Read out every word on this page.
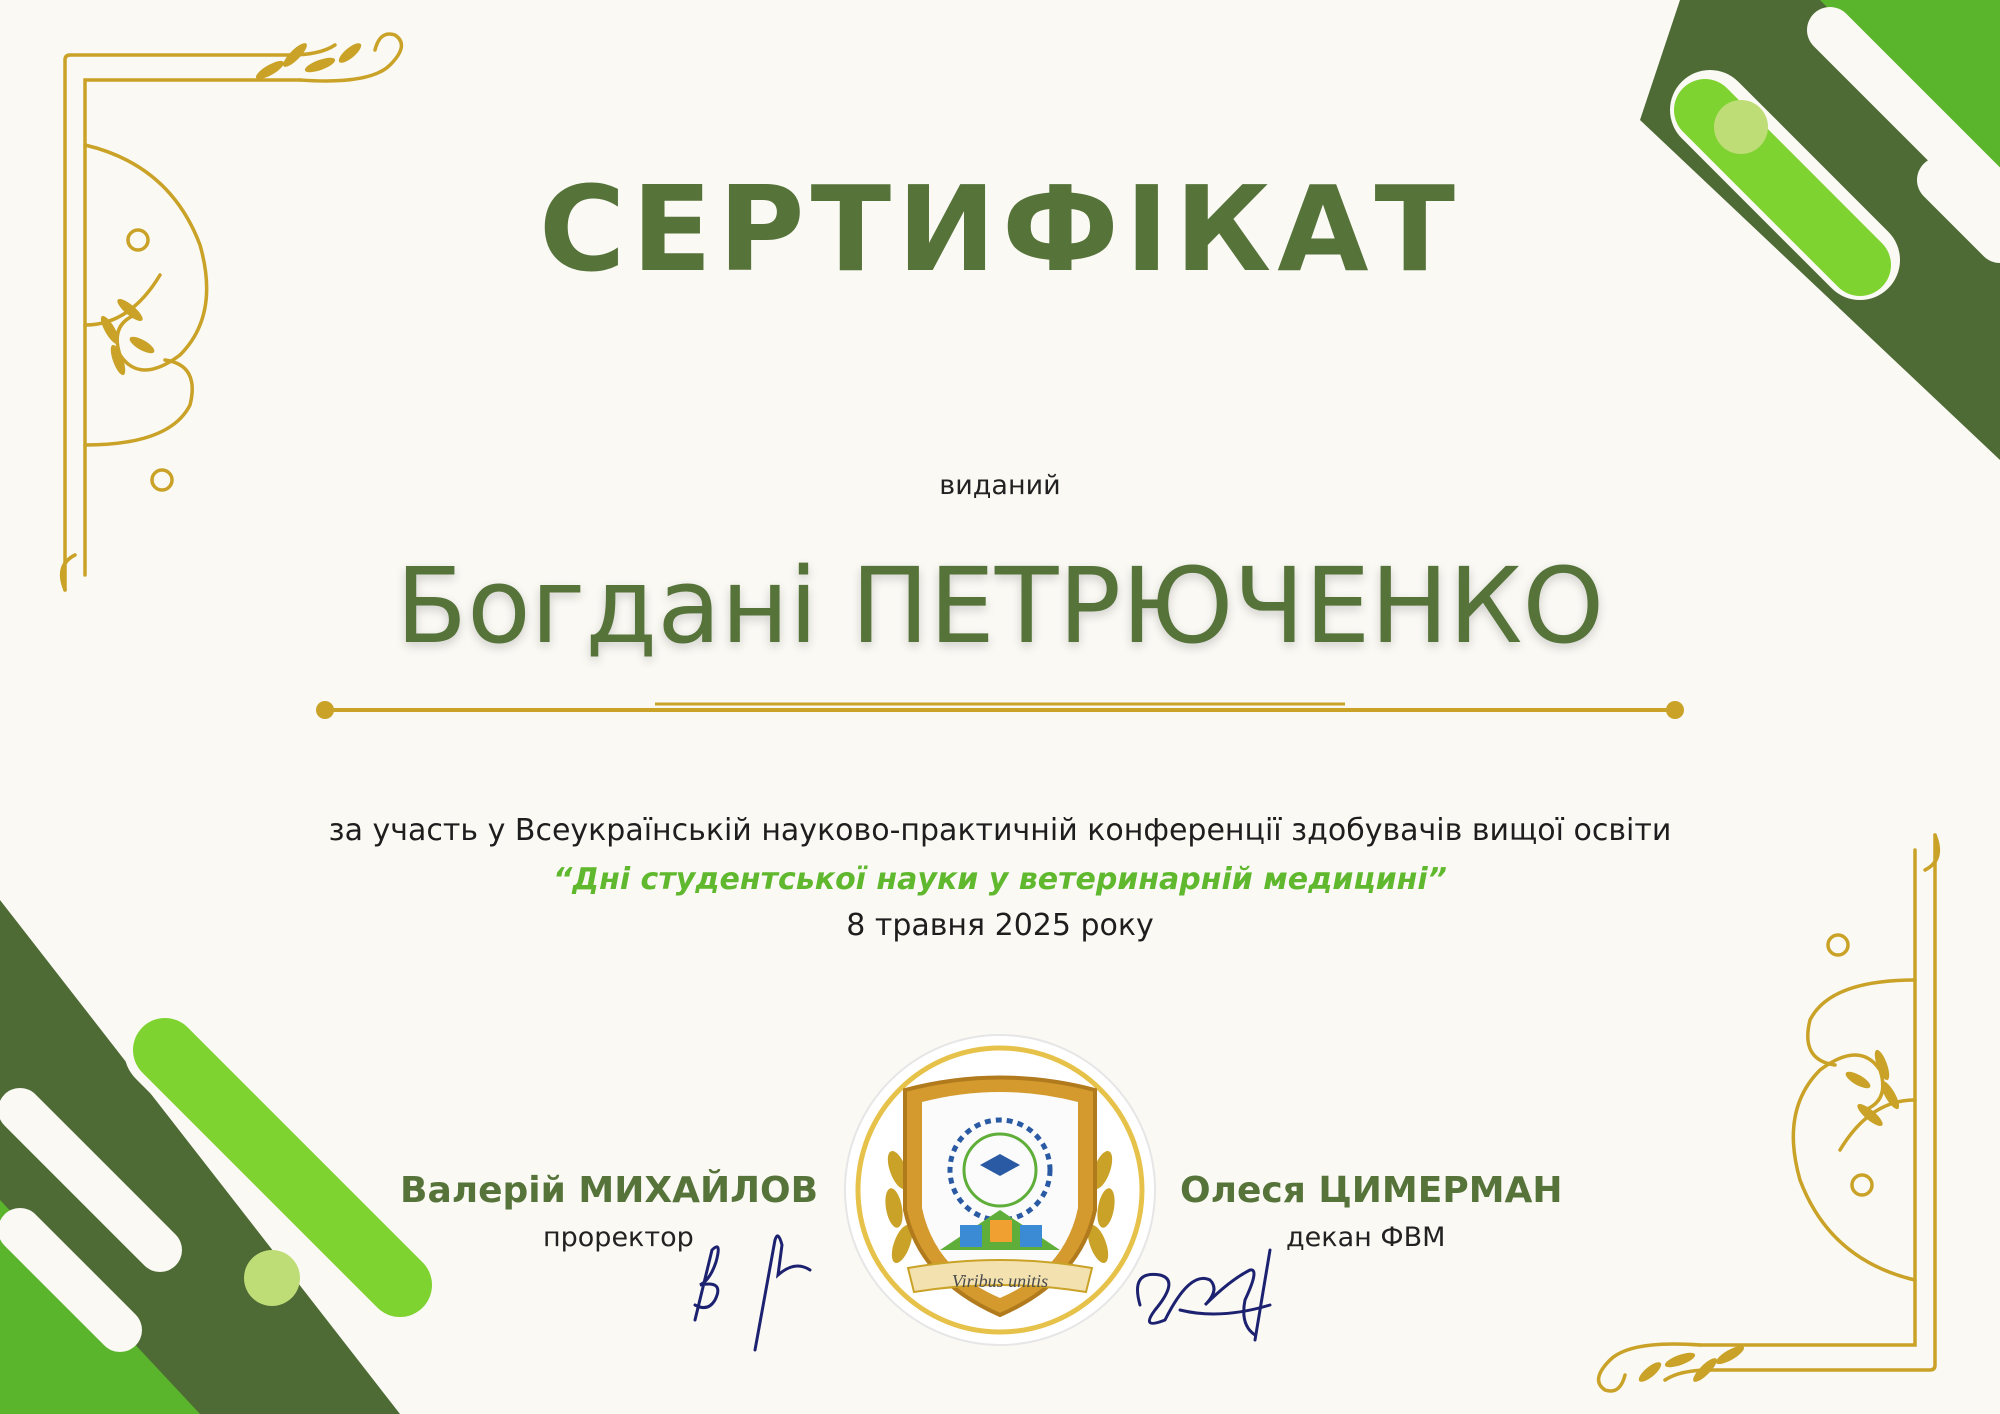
СЕРТИФІКАТ
виданий
Богдані ПЕТРЮЧЕНКО
за участь у Всеукраїнській науково-практичній конференції здобувачів вищої освіти
“Дні студентської науки у ветеринарній медицині”
8 травня 2025 року
Viribus unitis
Валерій МИХАЙЛОВ
проректор
Олеся ЦИМЕРМАН
декан ФВМ
